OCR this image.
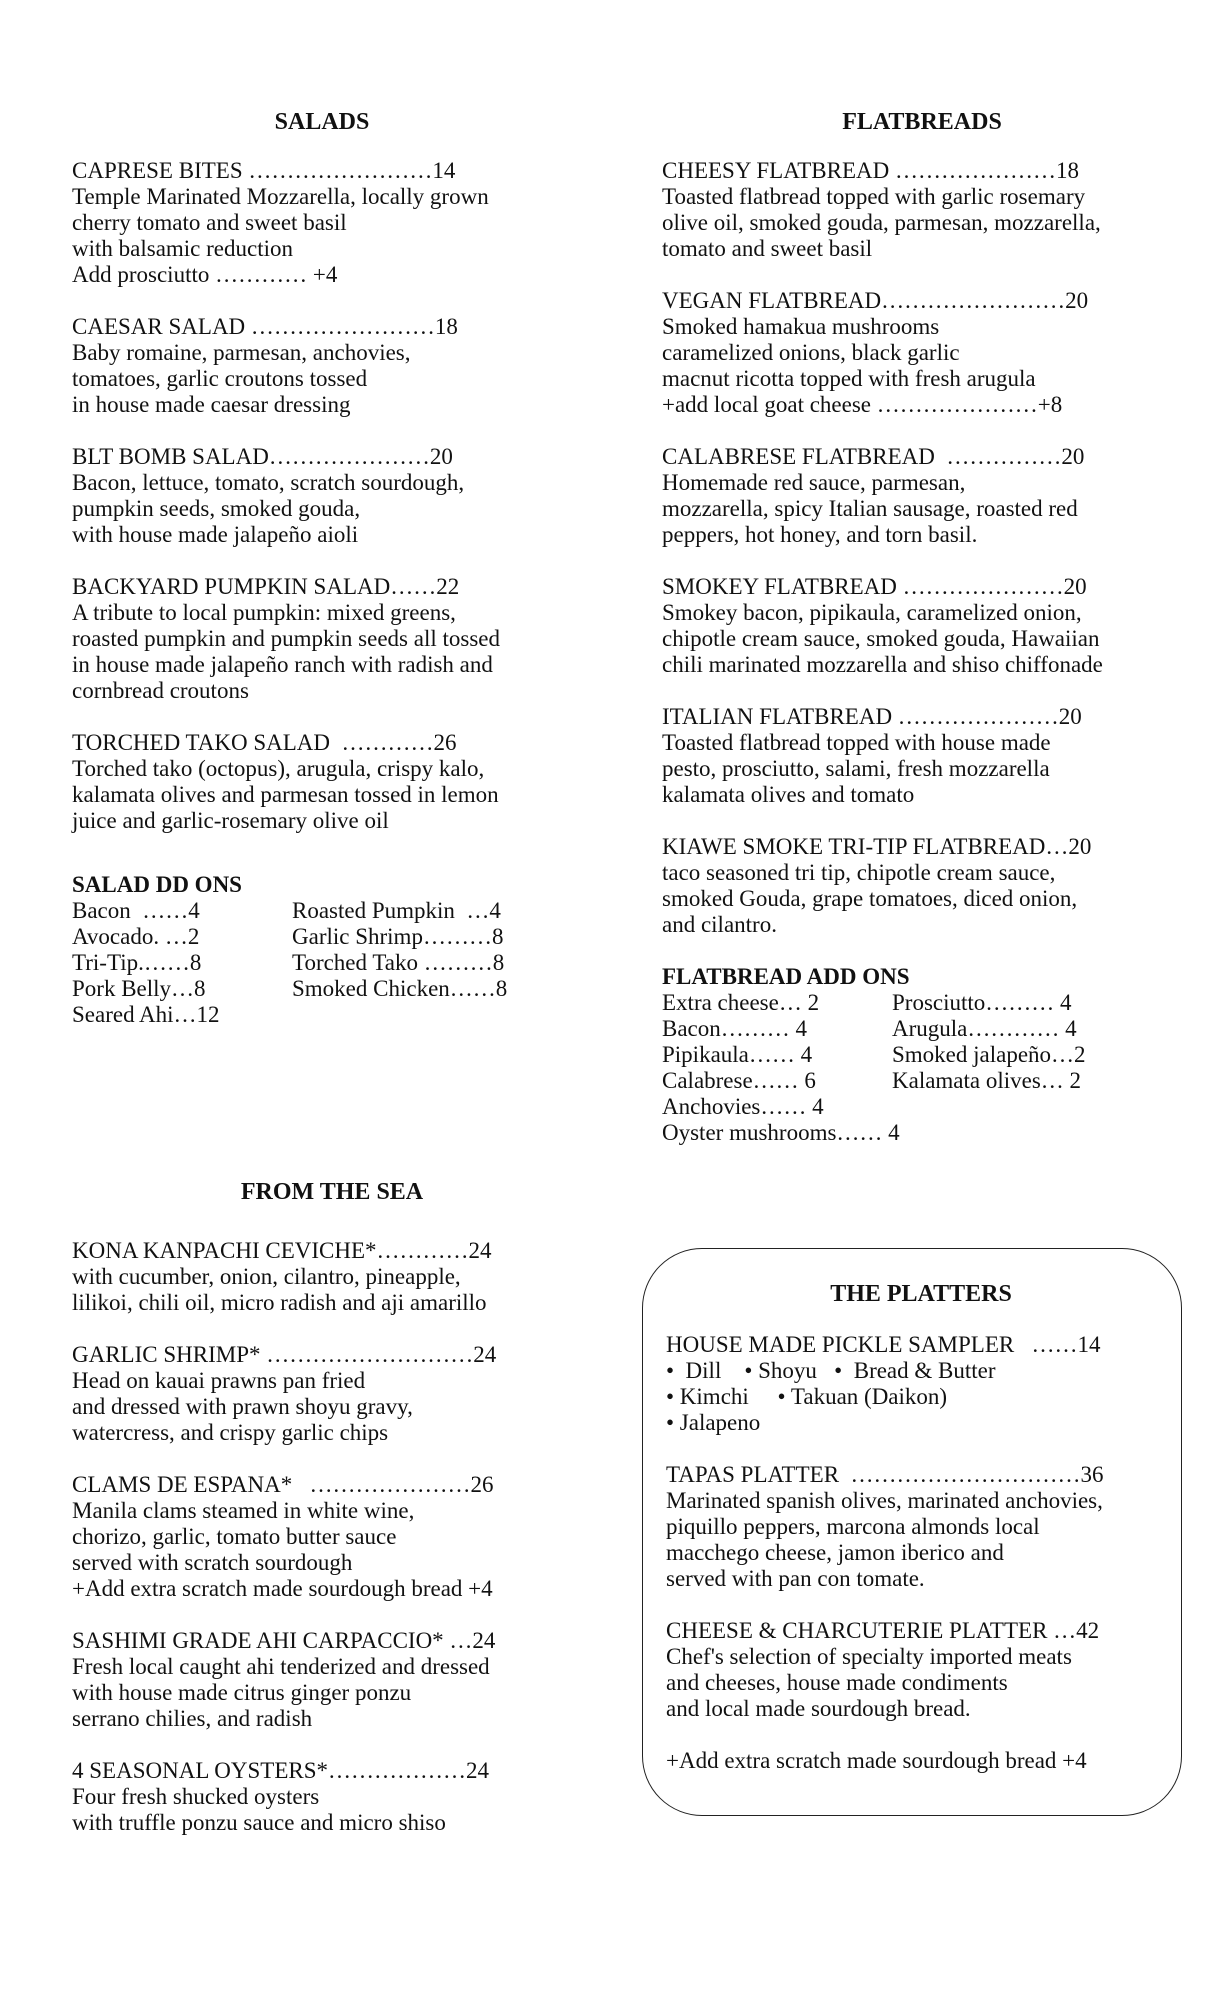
SALADS
CAPRESE BITES ……………………14
Temple Marinated Mozzarella, locally grown
cherry tomato and sweet basil
with balsamic reduction
Add prosciutto ………… +4
CAESAR SALAD ……………………18
Baby romaine, parmesan, anchovies,
tomatoes, garlic croutons tossed
in house made caesar dressing
BLT BOMB SALAD…………………20
Bacon, lettuce, tomato, scratch sourdough,
pumpkin seeds, smoked gouda,
with house made jalapeño aioli
BACKYARD PUMPKIN SALAD……22
A tribute to local pumpkin: mixed greens,
roasted pumpkin and pumpkin seeds all tossed
in house made jalapeño ranch with radish and
cornbread croutons
TORCHED TAKO SALAD  …………26
Torched tako (octopus), arugula, crispy kalo,
kalamata olives and parmesan tossed in lemon
juice and garlic-rosemary olive oil
SALAD DD ONS
Bacon  ……4	Roasted Pumpkin  …4
Avocado. …2	Garlic Shrimp………8
Tri-Tip.……8	Torched Tako ………8
Pork Belly…8	Smoked Chicken……8
Seared Ahi…12
FLATBREADS
CHEESY FLATBREAD …………………18
Toasted flatbread topped with garlic rosemary
olive oil, smoked gouda, parmesan, mozzarella,
tomato and sweet basil
VEGAN FLATBREAD……………………20
Smoked hamakua mushrooms
caramelized onions, black garlic
macnut ricotta topped with fresh arugula
+add local goat cheese …………………+8
CALABRESE FLATBREAD  ……………20
Homemade red sauce, parmesan,
mozzarella, spicy Italian sausage, roasted red
peppers, hot honey, and torn basil.
SMOKEY FLATBREAD …………………20
Smokey bacon, pipikaula, caramelized onion,
chipotle cream sauce, smoked gouda, Hawaiian
chili marinated mozzarella and shiso chiffonade
ITALIAN FLATBREAD …………………20
Toasted flatbread topped with house made
pesto, prosciutto, salami, fresh mozzarella
kalamata olives and tomato
KIAWE SMOKE TRI-TIP FLATBREAD…20
taco seasoned tri tip, chipotle cream sauce,
smoked Gouda, grape tomatoes, diced onion,
and cilantro.
FLATBREAD ADD ONS
Extra cheese… 2	Prosciutto……… 4
Bacon……… 4	Arugula………… 4
Pipikaula…… 4	Smoked jalapeño…2
Calabrese…… 6	Kalamata olives… 2
Anchovies…… 4
Oyster mushrooms…… 4
FROM THE SEA
KONA KANPACHI CEVICHE*…………24
with cucumber, onion, cilantro, pineapple,
lilikoi, chili oil, micro radish and aji amarillo
GARLIC SHRIMP* ………………………24
Head on kauai prawns pan fried
and dressed with prawn shoyu gravy,
watercress, and crispy garlic chips
CLAMS DE ESPANA*   …………………26
Manila clams steamed in white wine,
chorizo, garlic, tomato butter sauce
served with scratch sourdough
+Add extra scratch made sourdough bread +4
SASHIMI GRADE AHI CARPACCIO* …24
Fresh local caught ahi tenderized and dressed
with house made citrus ginger ponzu
serrano chilies, and radish
4 SEASONAL OYSTERS*………………24
Four fresh shucked oysters
with truffle ponzu sauce and micro shiso
THE PLATTERS
HOUSE MADE PICKLE SAMPLER   ……14
•  Dill    • Shoyu   •  Bread & Butter
• Kimchi     • Takuan (Daikon)
• Jalapeno
TAPAS PLATTER  …………………………36
Marinated spanish olives, marinated anchovies,
piquillo peppers, marcona almonds local
macchego cheese, jamon iberico and
served with pan con tomate.
CHEESE & CHARCUTERIE PLATTER …42
Chef's selection of specialty imported meats
and cheeses, house made condiments
and local made sourdough bread.
+Add extra scratch made sourdough bread +4
